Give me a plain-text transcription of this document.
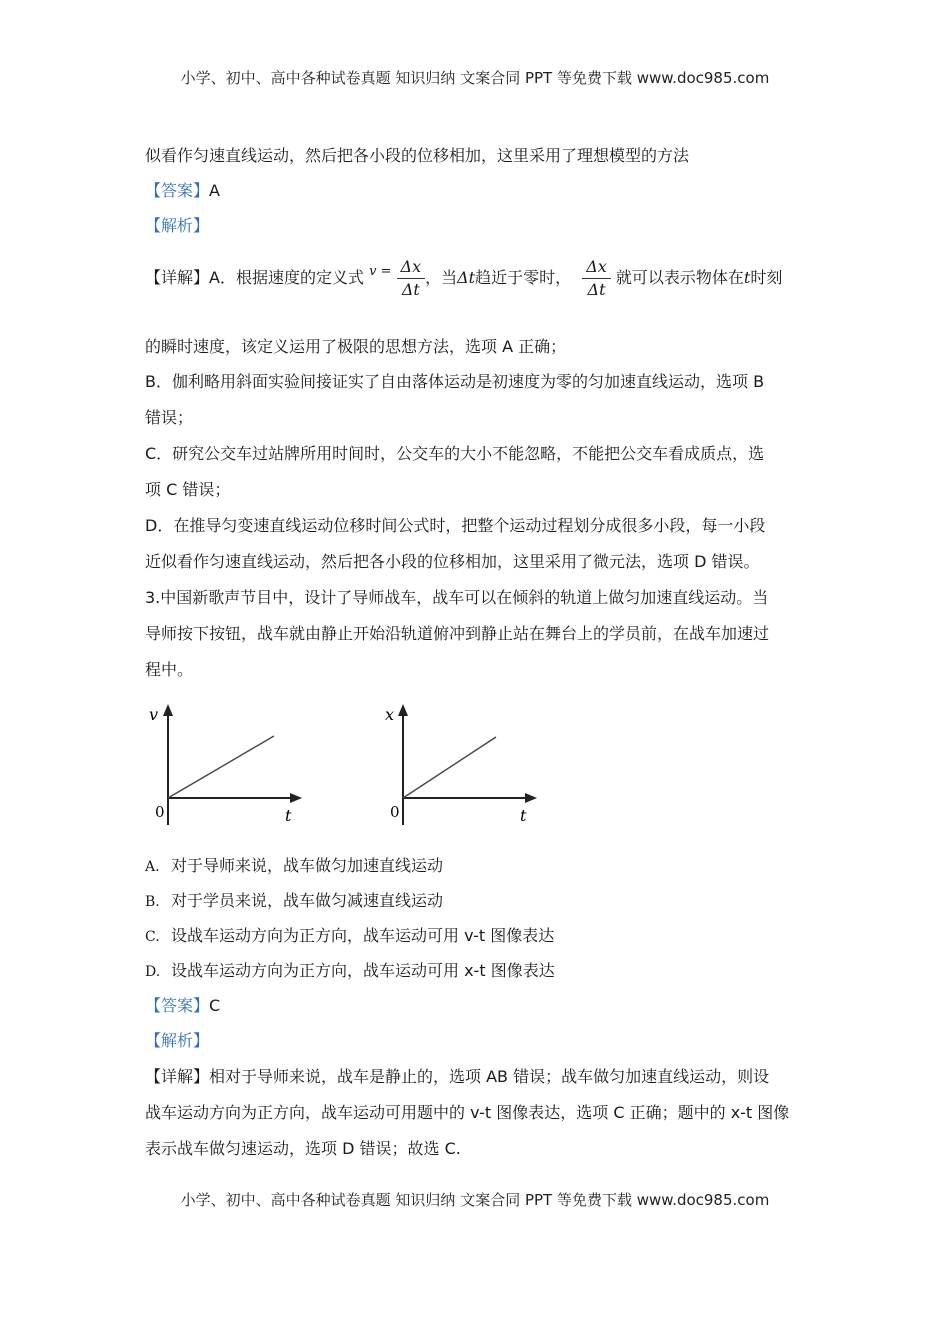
小学、初中、高中各种试卷真题 知识归纳 文案合同 PPT 等免费下载 www.doc985.com
似看作匀速直线运动，然后把各小段的位移相加，这里采用了理想模型的方法
【答案】A
【解析】
【详解】A．根据速度的定义式 $^{v =} \frac{\Delta x}{\Delta t}$ ，当Δt趋近于零时， $\frac{\Delta x}{\Delta t}$ 就可以表示物体在t时刻
的瞬时速度，该定义运用了极限的思想方法，选项 A 正确；
B．伽利略用斜面实验间接证实了自由落体运动是初速度为零的匀加速直线运动，选项 B
错误；
C．研究公交车过站牌所用时间时，公交车的大小不能忽略，不能把公交车看成质点，选
项 C 错误；
D．在推导匀变速直线运动位移时间公式时，把整个运动过程划分成很多小段，每一小段
近似看作匀速直线运动，然后把各小段的位移相加，这里采用了微元法，选项 D 错误。
3.中国新歌声节目中，设计了导师战车，战车可以在倾斜的轨道上做匀加速直线运动。当
导师按下按钮，战车就由静止开始沿轨道俯冲到静止站在舞台上的学员前，在战车加速过
程中。
v
0	t
x
0	t
A. 对于导师来说，战车做匀加速直线运动
B. 对于学员来说，战车做匀减速直线运动
C. 设战车运动方向为正方向，战车运动可用 v-t 图像表达
D. 设战车运动方向为正方向，战车运动可用 x-t 图像表达
【答案】C
【解析】
【详解】相对于导师来说，战车是静止的，选项 AB 错误；战车做匀加速直线运动，则设
战车运动方向为正方向，战车运动可用题中的 v-t 图像表达，选项 C 正确；题中的 x-t 图像
表示战车做匀速运动，选项 D 错误；故选 C.
小学、初中、高中各种试卷真题 知识归纳 文案合同 PPT 等免费下载 www.doc985.com
